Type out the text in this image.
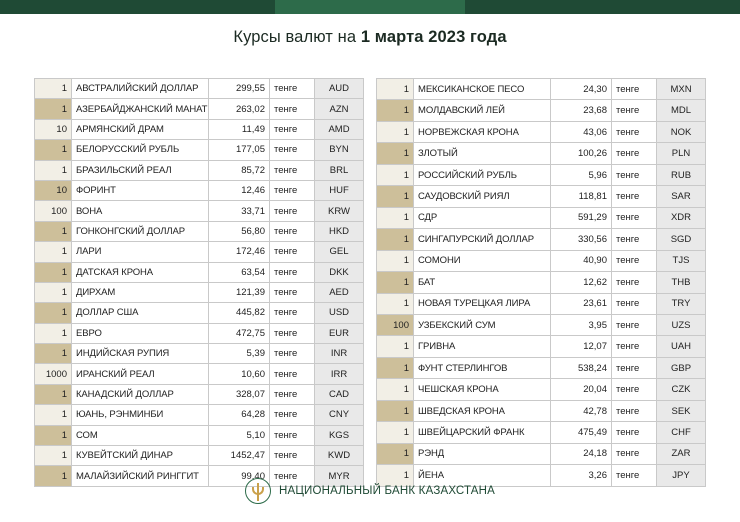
Курсы валют на 1 марта 2023 года
1	АВСТРАЛИЙСКИЙ ДОЛЛАР	299,55	тенге	AUD
1	АЗЕРБАЙДЖАНСКИЙ МАНАТ	263,02	тенге	AZN
10	АРМЯНСКИЙ ДРАМ	11,49	тенге	AMD
1	БЕЛОРУССКИЙ РУБЛЬ	177,05	тенге	BYN
1	БРАЗИЛЬСКИЙ РЕАЛ	85,72	тенге	BRL
10	ФОРИНТ	12,46	тенге	HUF
100	ВОНА	33,71	тенге	KRW
1	ГОНКОНГСКИЙ ДОЛЛАР	56,80	тенге	HKD
1	ЛАРИ	172,46	тенге	GEL
1	ДАТСКАЯ КРОНА	63,54	тенге	DKK
1	ДИРХАМ	121,39	тенге	AED
1	ДОЛЛАР США	445,82	тенге	USD
1	ЕВРО	472,75	тенге	EUR
1	ИНДИЙСКАЯ РУПИЯ	5,39	тенге	INR
1000	ИРАНСКИЙ РЕАЛ	10,60	тенге	IRR
1	КАНАДСКИЙ ДОЛЛАР	328,07	тенге	CAD
1	ЮАНЬ, РЭНМИНБИ	64,28	тенге	CNY
1	СОМ	5,10	тенге	KGS
1	КУВЕЙТСКИЙ ДИНАР	1452,47	тенге	KWD
1	МАЛАЙЗИЙСКИЙ РИНГГИТ	99,40	тенге	MYR
1	МЕКСИКАНСКОЕ ПЕСО	24,30	тенге	MXN
1	МОЛДАВСКИЙ ЛЕЙ	23,68	тенге	MDL
1	НОРВЕЖСКАЯ КРОНА	43,06	тенге	NOK
1	ЗЛОТЫЙ	100,26	тенге	PLN
1	РОССИЙСКИЙ РУБЛЬ	5,96	тенге	RUB
1	САУДОВСКИЙ РИЯЛ	118,81	тенге	SAR
1	СДР	591,29	тенге	XDR
1	СИНГАПУРСКИЙ ДОЛЛАР	330,56	тенге	SGD
1	СОМОНИ	40,90	тенге	TJS
1	БАТ	12,62	тенге	THB
1	НОВАЯ ТУРЕЦКАЯ ЛИРА	23,61	тенге	TRY
100	УЗБЕКСКИЙ СУМ	3,95	тенге	UZS
1	ГРИВНА	12,07	тенге	UAH
1	ФУНТ СТЕРЛИНГОВ	538,24	тенге	GBP
1	ЧЕШСКАЯ КРОНА	20,04	тенге	CZK
1	ШВЕДСКАЯ КРОНА	42,78	тенге	SEK
1	ШВЕЙЦАРСКИЙ ФРАНК	475,49	тенге	CHF
1	РЭНД	24,18	тенге	ZAR
1	ЙЕНА	3,26	тенге	JPY
НАЦИОНАЛЬНЫЙ БАНК КАЗАХСТАНА
